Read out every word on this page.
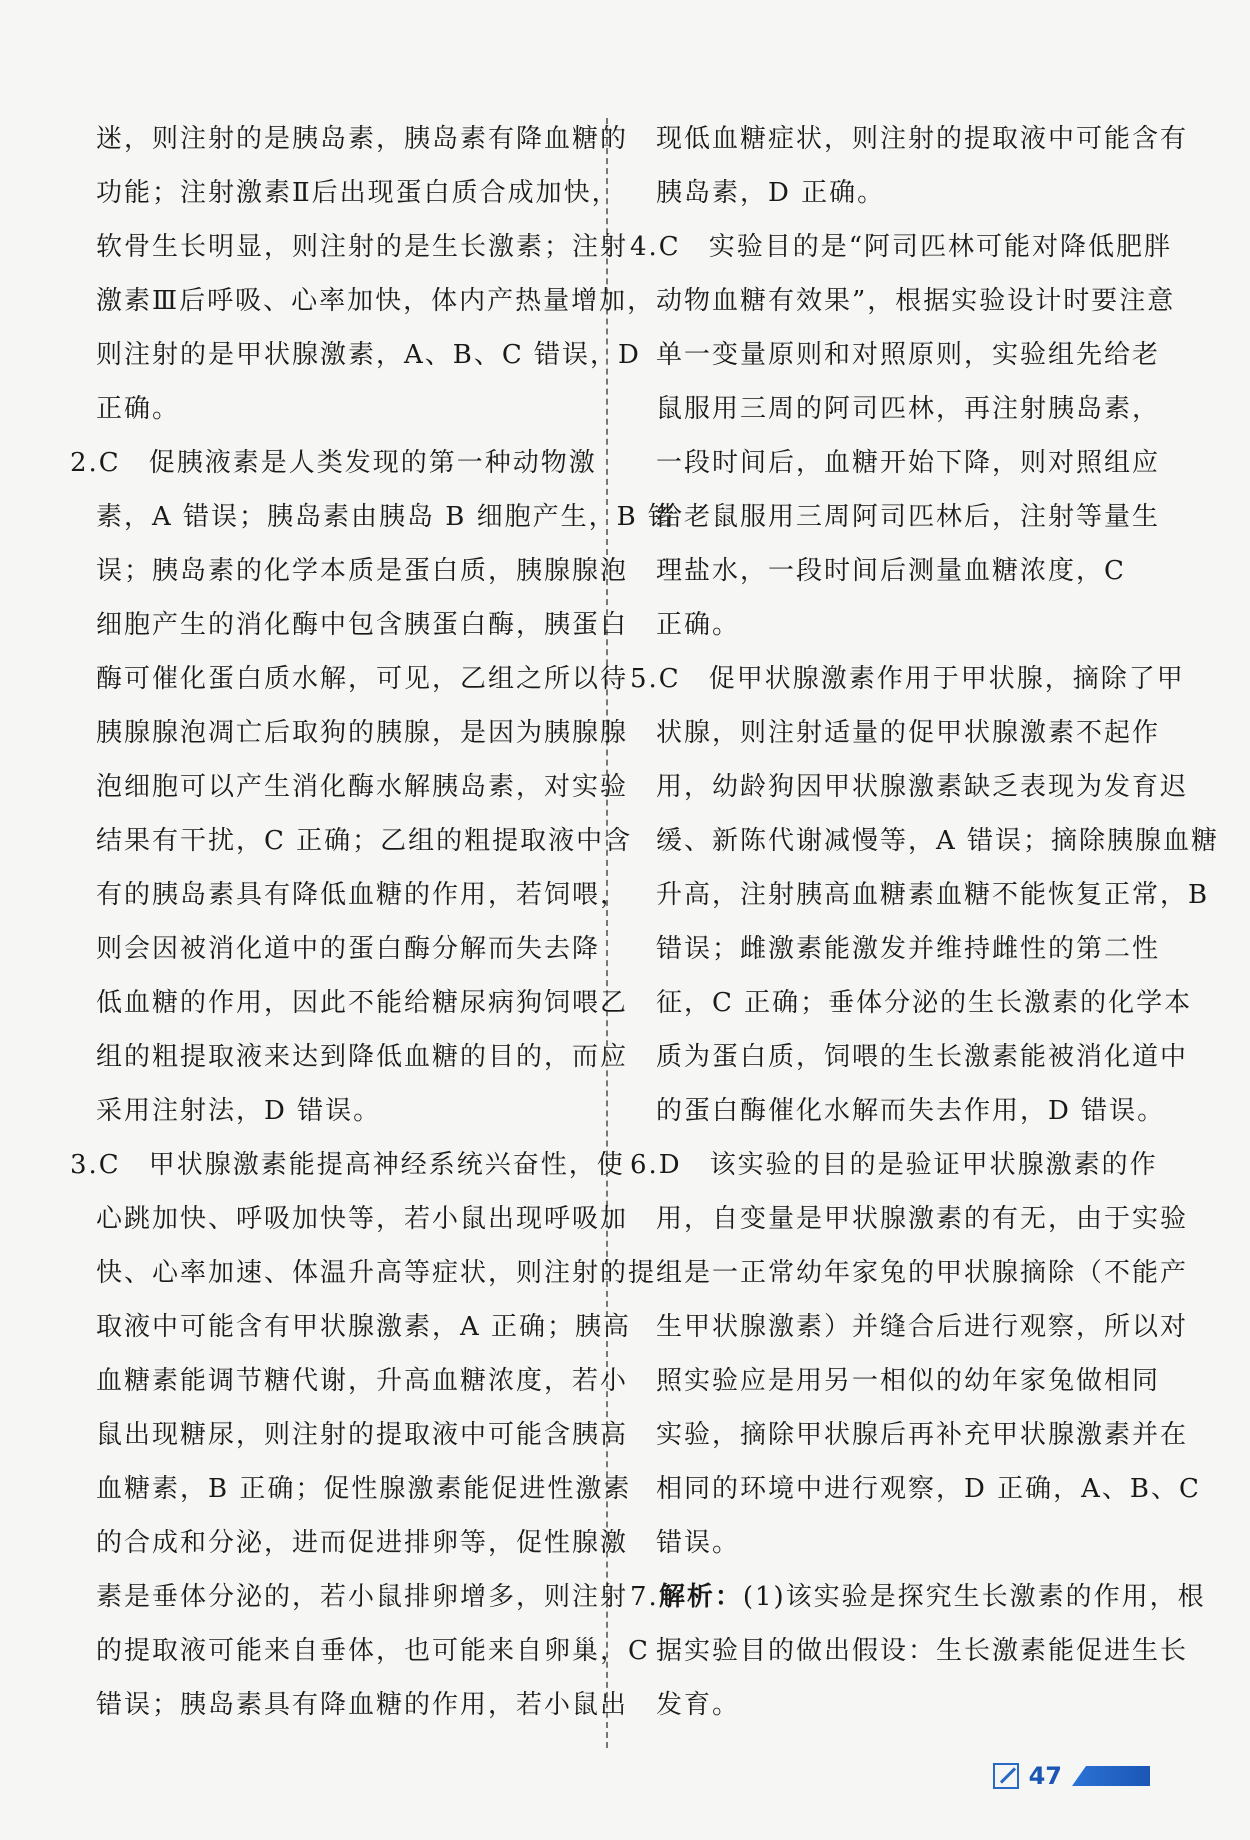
迷，则注射的是胰岛素，胰岛素有降血糖的
功能；注射激素Ⅱ后出现蛋白质合成加快，
软骨生长明显，则注射的是生长激素；注射
激素Ⅲ后呼吸、心率加快，体内产热量增加，
则注射的是甲状腺激素，A、B、C 错误，D
正确。
2.C　促胰液素是人类发现的第一种动物激
素，A 错误；胰岛素由胰岛 B 细胞产生，B 错
误；胰岛素的化学本质是蛋白质，胰腺腺泡
细胞产生的消化酶中包含胰蛋白酶，胰蛋白
酶可催化蛋白质水解，可见，乙组之所以待
胰腺腺泡凋亡后取狗的胰腺，是因为胰腺腺
泡细胞可以产生消化酶水解胰岛素，对实验
结果有干扰，C 正确；乙组的粗提取液中含
有的胰岛素具有降低血糖的作用，若饲喂，
则会因被消化道中的蛋白酶分解而失去降
低血糖的作用，因此不能给糖尿病狗饲喂乙
组的粗提取液来达到降低血糖的目的，而应
采用注射法，D 错误。
3.C　甲状腺激素能提高神经系统兴奋性，使
心跳加快、呼吸加快等，若小鼠出现呼吸加
快、心率加速、体温升高等症状，则注射的提
取液中可能含有甲状腺激素，A 正确；胰高
血糖素能调节糖代谢，升高血糖浓度，若小
鼠出现糖尿，则注射的提取液中可能含胰高
血糖素，B 正确；促性腺激素能促进性激素
的合成和分泌，进而促进排卵等，促性腺激
素是垂体分泌的，若小鼠排卵增多，则注射
的提取液可能来自垂体，也可能来自卵巢，C
错误；胰岛素具有降血糖的作用，若小鼠出
现低血糖症状，则注射的提取液中可能含有
胰岛素，D 正确。
4.C　实验目的是“阿司匹林可能对降低肥胖
动物血糖有效果”，根据实验设计时要注意
单一变量原则和对照原则，实验组先给老
鼠服用三周的阿司匹林，再注射胰岛素，
一段时间后，血糖开始下降，则对照组应
给老鼠服用三周阿司匹林后，注射等量生
理盐水，一段时间后测量血糖浓度，C
正确。
5.C　促甲状腺激素作用于甲状腺，摘除了甲
状腺，则注射适量的促甲状腺激素不起作
用，幼龄狗因甲状腺激素缺乏表现为发育迟
缓、新陈代谢减慢等，A 错误；摘除胰腺血糖
升高，注射胰高血糖素血糖不能恢复正常，B
错误；雌激素能激发并维持雌性的第二性
征，C 正确；垂体分泌的生长激素的化学本
质为蛋白质，饲喂的生长激素能被消化道中
的蛋白酶催化水解而失去作用，D 错误。
6.D　该实验的目的是验证甲状腺激素的作
用，自变量是甲状腺激素的有无，由于实验
组是一正常幼年家兔的甲状腺摘除（不能产
生甲状腺激素）并缝合后进行观察，所以对
照实验应是用另一相似的幼年家兔做相同
实验，摘除甲状腺后再补充甲状腺激素并在
相同的环境中进行观察，D 正确，A、B、C
错误。
7.解析：(1)该实验是探究生长激素的作用，根
据实验目的做出假设：生长激素能促进生长
发育。
47
